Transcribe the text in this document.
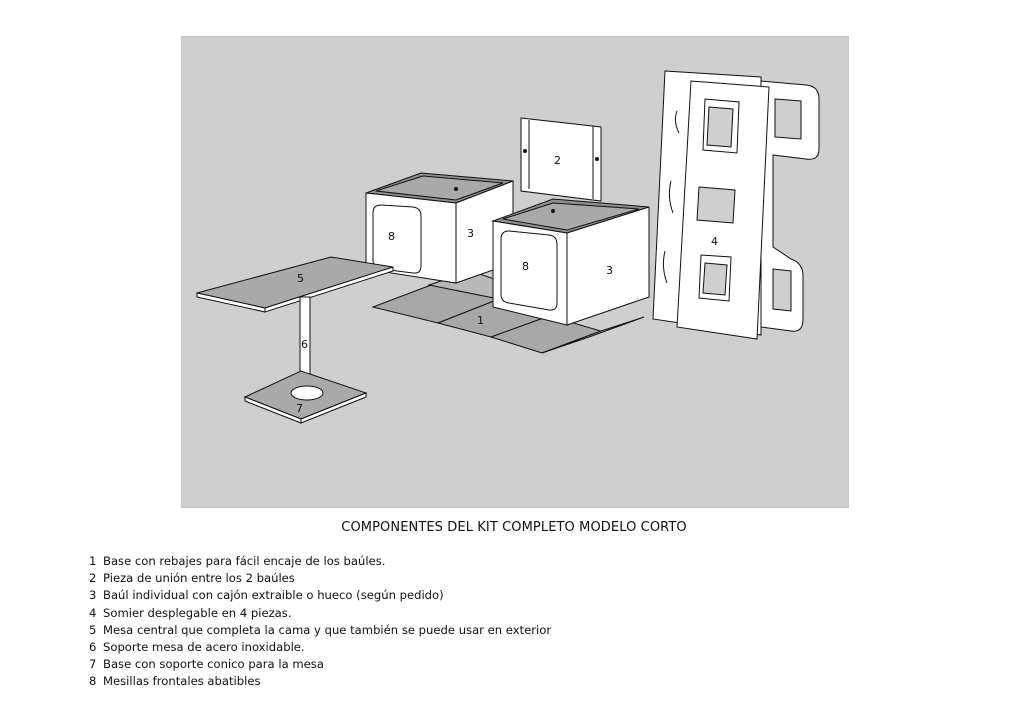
1
2
8	3
8	3
4
5
6
7
COMPONENTES DEL KIT COMPLETO MODELO CORTO
1 Base con rebajes para fácil encaje de los baúles.
2 Pieza de unión entre los 2 baúles
3 Baúl individual con cajón extraible o hueco (según pedido)
4 Somier desplegable en 4 piezas.
5 Mesa central que completa la cama y que también se puede usar en exterior
6 Soporte mesa de acero inoxidable.
7 Base con soporte conico para la mesa
8 Mesillas frontales abatibles
